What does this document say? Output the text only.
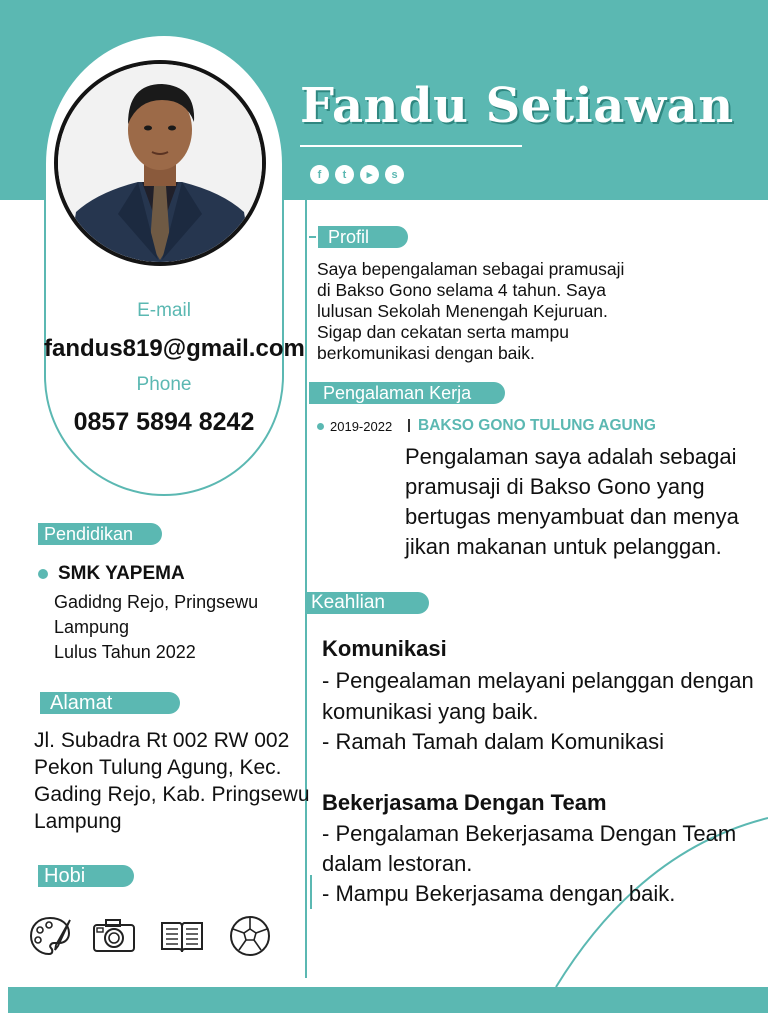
Fandu Setiawan
f	t	▸	s
E-mail
fandus819@gmail.com
Phone
0857 5894 8242
Pendidikan
SMK YAPEMA
Gadidng Rejo, Pringsewu
Lampung
Lulus Tahun 2022
Alamat
Jl. Subadra Rt 002 RW 002
Pekon Tulung Agung, Kec.
Gading Rejo, Kab. Pringsewu
Lampung
Hobi
Profil
Saya bepengalaman sebagai pramusaji
di Bakso Gono selama 4 tahun. Saya
lulusan Sekolah Menengah Kejuruan.
Sigap dan cekatan serta mampu
berkomunikasi dengan baik.
Pengalaman Kerja
2019-2022 BAKSO GONO TULUNG AGUNG
Pengalaman saya adalah sebagai
pramusaji di Bakso Gono yang
bertugas menyambuat dan menya
jikan makanan untuk pelanggan.
Keahlian
Komunikasi
- Pengealaman melayani pelanggan dengan
komunikasi yang baik.
- Ramah Tamah dalam Komunikasi
Bekerjasama Dengan Team
- Pengalaman Bekerjasama Dengan Team
dalam lestoran.
- Mampu Bekerjasama dengan baik.
